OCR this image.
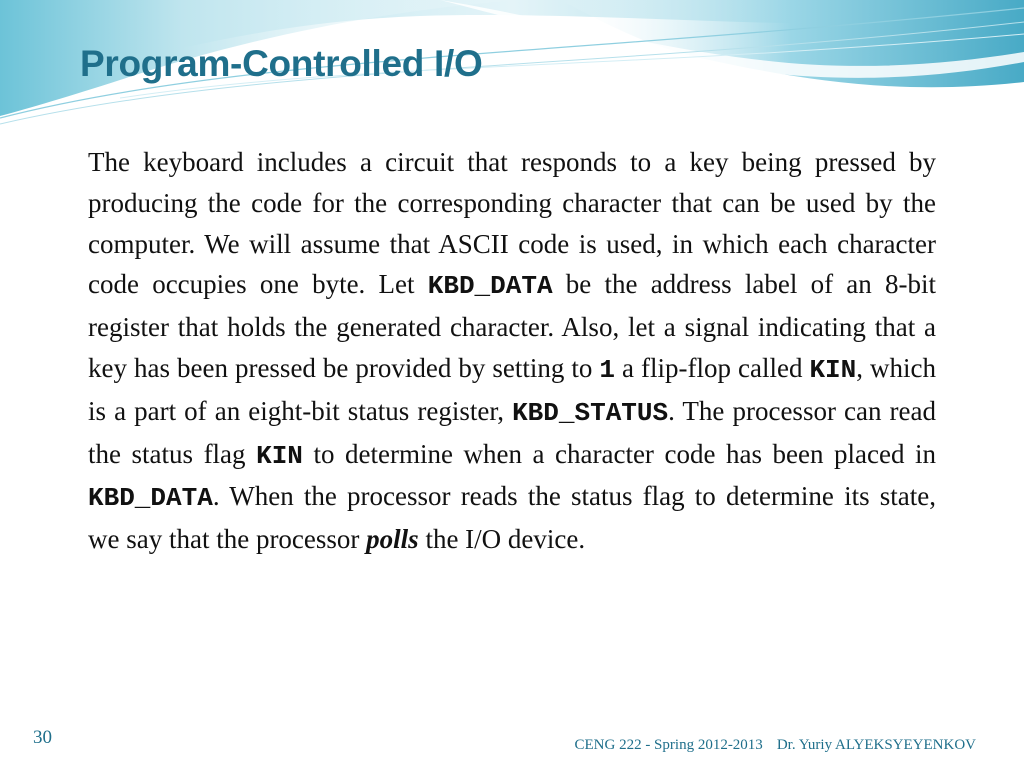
Program-Controlled I/O

The keyboard includes a circuit that responds to a key being pressed by producing the code for the corresponding character that can be used by the computer. We will assume that ASCII code is used, in which each character code occupies one byte. Let KBD_DATA be the address label of an 8-bit register that holds the generated character. Also, let a signal indicating that a key has been pressed be provided by setting to 1 a flip-flop called KIN, which is a part of an eight-bit status register, KBD_STATUS. The processor can read the status flag KIN to determine when a character code has been placed in KBD_DATA. When the processor reads the status flag to determine its state, we say that the processor polls the I/O device.

30	CENG 222 - Spring 2012-2013 Dr. Yuriy ALYEKSYEYENKOV
